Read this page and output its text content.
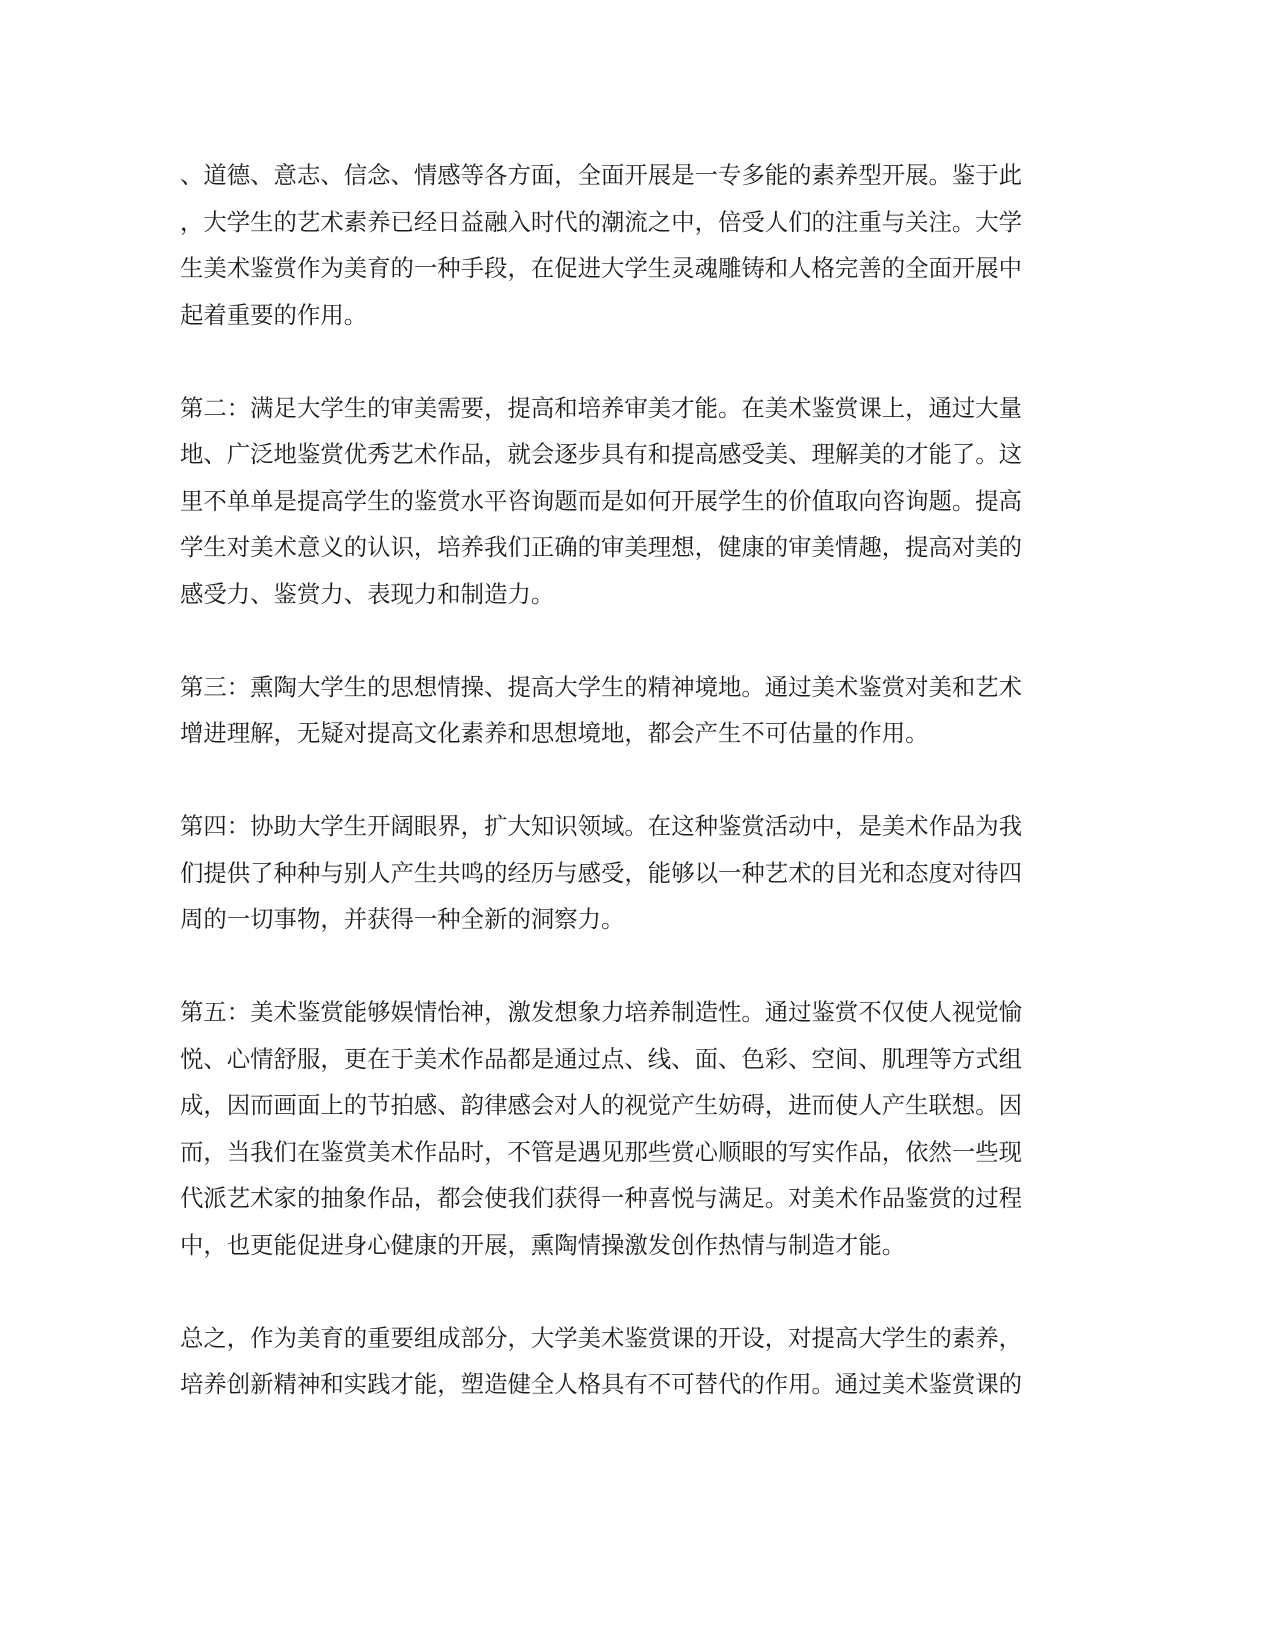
、道德、意志、信念、情感等各方面，全面开展是一专多能的素养型开展。鉴于此
，大学生的艺术素养已经日益融入时代的潮流之中，倍受人们的注重与关注。大学
生美术鉴赏作为美育的一种手段，在促进大学生灵魂雕铸和人格完善的全面开展中
起着重要的作用。

第二：满足大学生的审美需要，提高和培养审美才能。在美术鉴赏课上，通过大量
地、广泛地鉴赏优秀艺术作品，就会逐步具有和提高感受美、理解美的才能了。这
里不单单是提高学生的鉴赏水平咨询题而是如何开展学生的价值取向咨询题。提高
学生对美术意义的认识，培养我们正确的审美理想，健康的审美情趣，提高对美的
感受力、鉴赏力、表现力和制造力。

第三：熏陶大学生的思想情操、提高大学生的精神境地。通过美术鉴赏对美和艺术
增进理解，无疑对提高文化素养和思想境地，都会产生不可估量的作用。

第四：协助大学生开阔眼界，扩大知识领域。在这种鉴赏活动中，是美术作品为我
们提供了种种与别人产生共鸣的经历与感受，能够以一种艺术的目光和态度对待四
周的一切事物，并获得一种全新的洞察力。

第五：美术鉴赏能够娱情怡神，激发想象力培养制造性。通过鉴赏不仅使人视觉愉
悦、心情舒服，更在于美术作品都是通过点、线、面、色彩、空间、肌理等方式组
成，因而画面上的节拍感、韵律感会对人的视觉产生妨碍，进而使人产生联想。因
而，当我们在鉴赏美术作品时，不管是遇见那些赏心顺眼的写实作品，依然一些现
代派艺术家的抽象作品，都会使我们获得一种喜悦与满足。对美术作品鉴赏的过程
中，也更能促进身心健康的开展，熏陶情操激发创作热情与制造才能。

总之，作为美育的重要组成部分，大学美术鉴赏课的开设，对提高大学生的素养，
培养创新精神和实践才能，塑造健全人格具有不可替代的作用。通过美术鉴赏课的
